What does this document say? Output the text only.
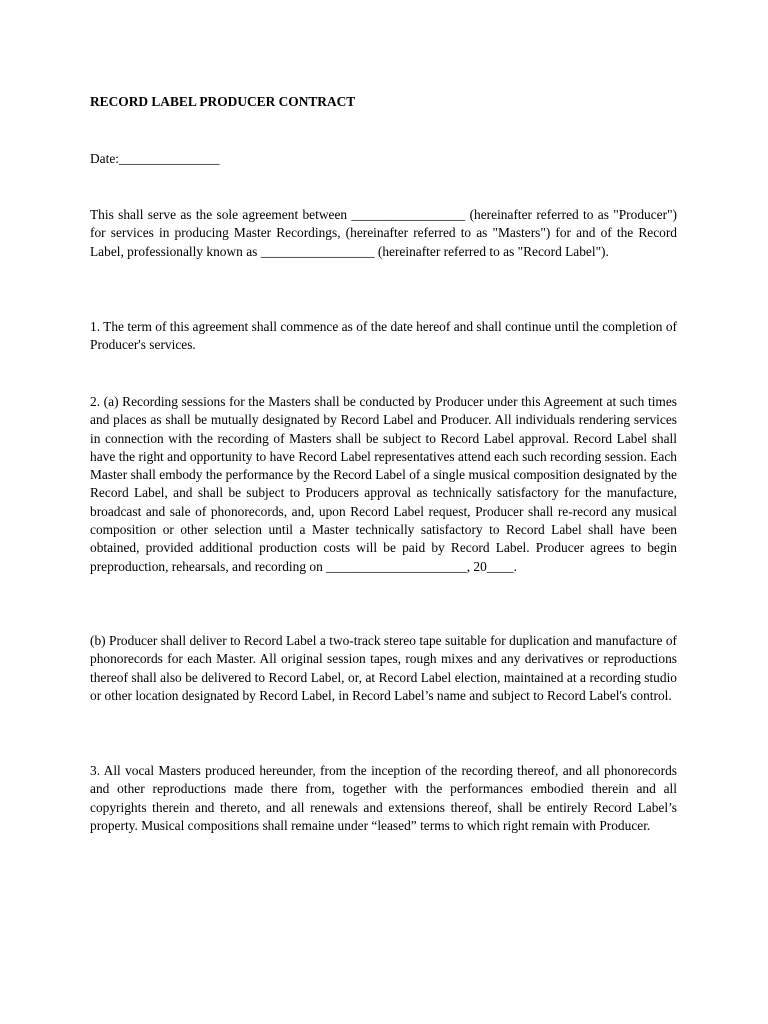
RECORD LABEL PRODUCER CONTRACT
Date:_______________

This shall serve as the sole agreement between _________________ (hereinafter referred to as "Producer") for services in producing Master Recordings, (hereinafter referred to as "Masters") for and of the Record Label, professionally known as _________________ (hereinafter referred to as "Record Label").

1. The term of this agreement shall commence as of the date hereof and shall continue until the completion of Producer's services.

2. (a) Recording sessions for the Masters shall be conducted by Producer under this Agreement at such times and places as shall be mutually designated by Record Label and Producer. All individuals rendering services in connection with the recording of Masters shall be subject to Record Label approval. Record Label shall have the right and opportunity to have Record Label representatives attend each such recording session. Each Master shall embody the performance by the Record Label of a single musical composition designated by the Record Label, and shall be subject to Producers approval as technically satisfactory for the manufacture, broadcast and sale of phonorecords, and, upon Record Label request, Producer shall re-record any musical composition or other selection until a Master technically satisfactory to Record Label shall have been obtained, provided additional production costs will be paid by Record Label. Producer agrees to begin preproduction, rehearsals, and recording on _____________________, 20____.

(b) Producer shall deliver to Record Label a two-track stereo tape suitable for duplication and manufacture of phonorecords for each Master. All original session tapes, rough mixes and any derivatives or reproductions thereof shall also be delivered to Record Label, or, at Record Label election, maintained at a recording studio or other location designated by Record Label, in Record Label’s name and subject to Record Label's control.

3. All vocal Masters produced hereunder, from the inception of the recording thereof, and all phonorecords and other reproductions made there from, together with the performances embodied therein and all copyrights therein and thereto, and all renewals and extensions thereof, shall be entirely Record Label’s property. Musical compositions shall remaine under “leased” terms to which right remain with Producer.
